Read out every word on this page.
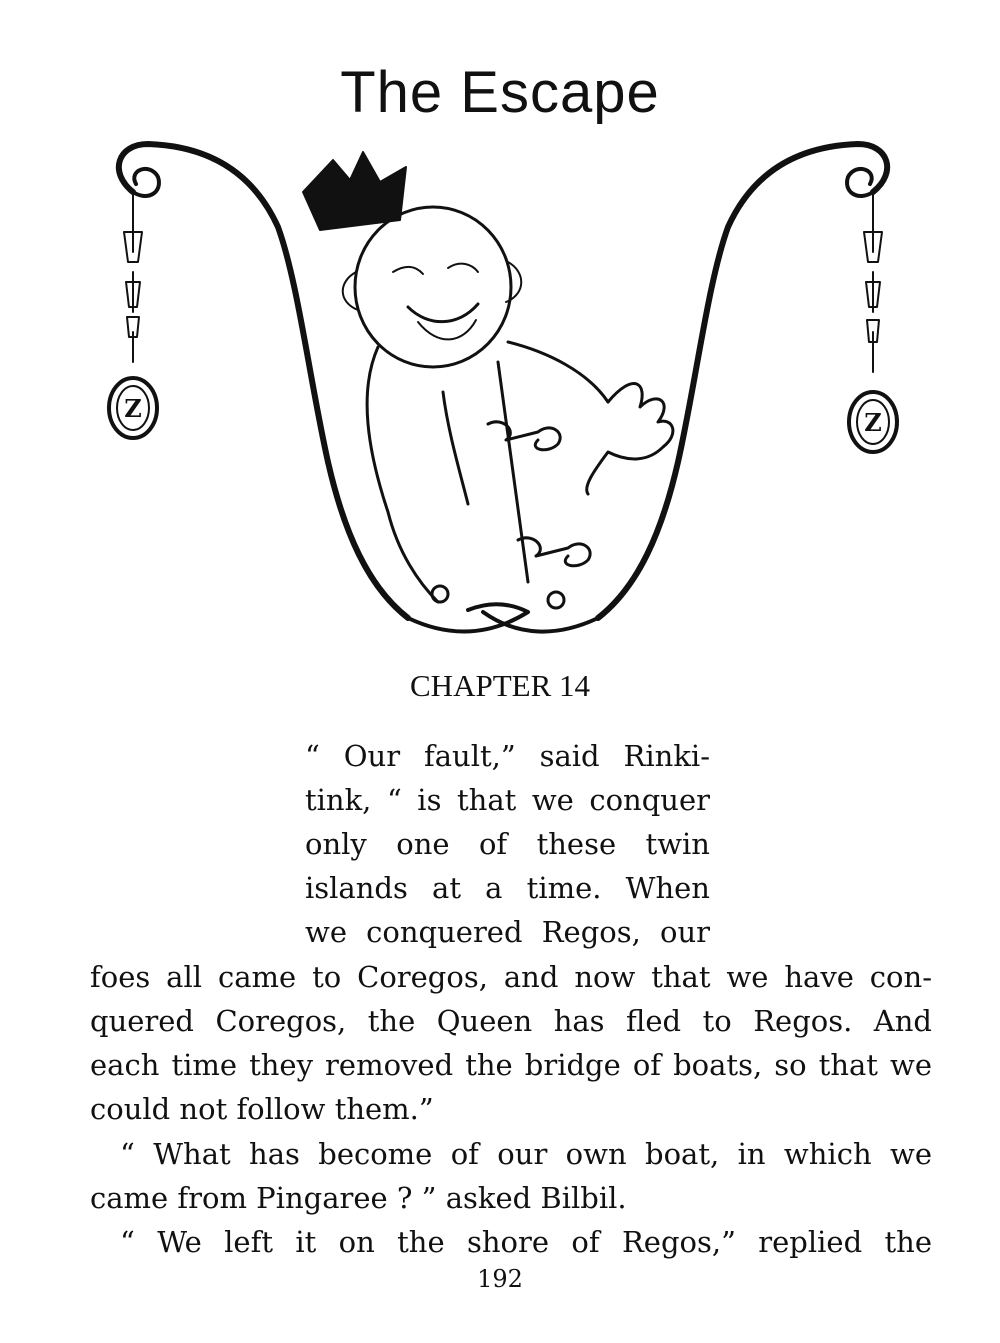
The Escape
Z	Z
CHAPTER 14
“ Our fault,” said Rinki-
tink, “ is that we conquer
only one of these twin
islands at a time. When
we conquered Regos, our
foes all came to Coregos, and now that we have con-
quered Coregos, the Queen has fled to Regos. And
each time they removed the bridge of boats, so that we
could not follow them.”
“ What has become of our own boat, in which we
came from Pingaree ? ” asked Bilbil.
“ We left it on the shore of Regos,” replied the
192
